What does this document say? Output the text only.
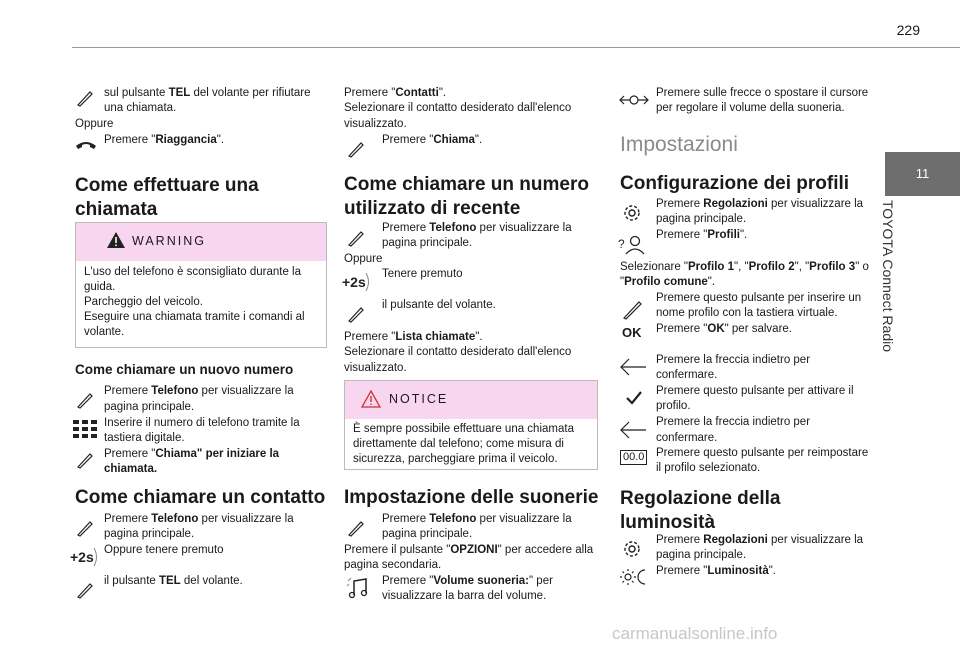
229
11
TOYOTA Connect Radio
sul pulsante TEL del volante per rifiutare
una chiamata.
Oppure
Premere "Riaggancia".
Come effettuare una
chiamata
WARNING
L'uso del telefono è sconsigliato durante la
guida.
Parcheggio del veicolo.
Eseguire una chiamata tramite i comandi al
volante.
Come chiamare un nuovo numero
Premere Telefono per visualizzare la
pagina principale.
Inserire il numero di telefono tramite la
tastiera digitale.
Premere "Chiama" per iniziare la
chiamata.
Come chiamare un contatto
Premere Telefono per visualizzare la
pagina principale.
+2s Oppure tenere premuto
il pulsante TEL del volante.
Premere "Contatti".
Selezionare il contatto desiderato dall'elenco
visualizzato.
Premere "Chiama".
Come chiamare un numero
utilizzato di recente
Premere Telefono per visualizzare la
pagina principale.
Oppure
+2s Tenere premuto
il pulsante del volante.
Premere "Lista chiamate".
Selezionare il contatto desiderato dall'elenco
visualizzato.
NOTICE
È sempre possibile effettuare una chiamata
direttamente dal telefono; come misura di
sicurezza, parcheggiare prima il veicolo.
Impostazione delle suonerie
Premere Telefono per visualizzare la
pagina principale.
Premere il pulsante "OPZIONI" per accedere alla
pagina secondaria.
Premere "Volume suoneria:" per
visualizzare la barra del volume.
Premere sulle frecce o spostare il cursore
per regolare il volume della suoneria.
Impostazioni
Configurazione dei profili
Premere Regolazioni per visualizzare la
pagina principale.
?
Premere "Profili".
Selezionare "Profilo 1", "Profilo 2", "Profilo 3" o
"Profilo comune".
Premere questo pulsante per inserire un
nome profilo con la tastiera virtuale.
OK Premere "OK" per salvare.
Premere la freccia indietro per
confermare.
Premere questo pulsante per attivare il
profilo.
Premere la freccia indietro per
confermare.
00.0 Premere questo pulsante per reimpostare
il profilo selezionato.
Regolazione della
luminosità
Premere Regolazioni per visualizzare la
pagina principale.
Premere "Luminosità".
carmanualsonline.info
